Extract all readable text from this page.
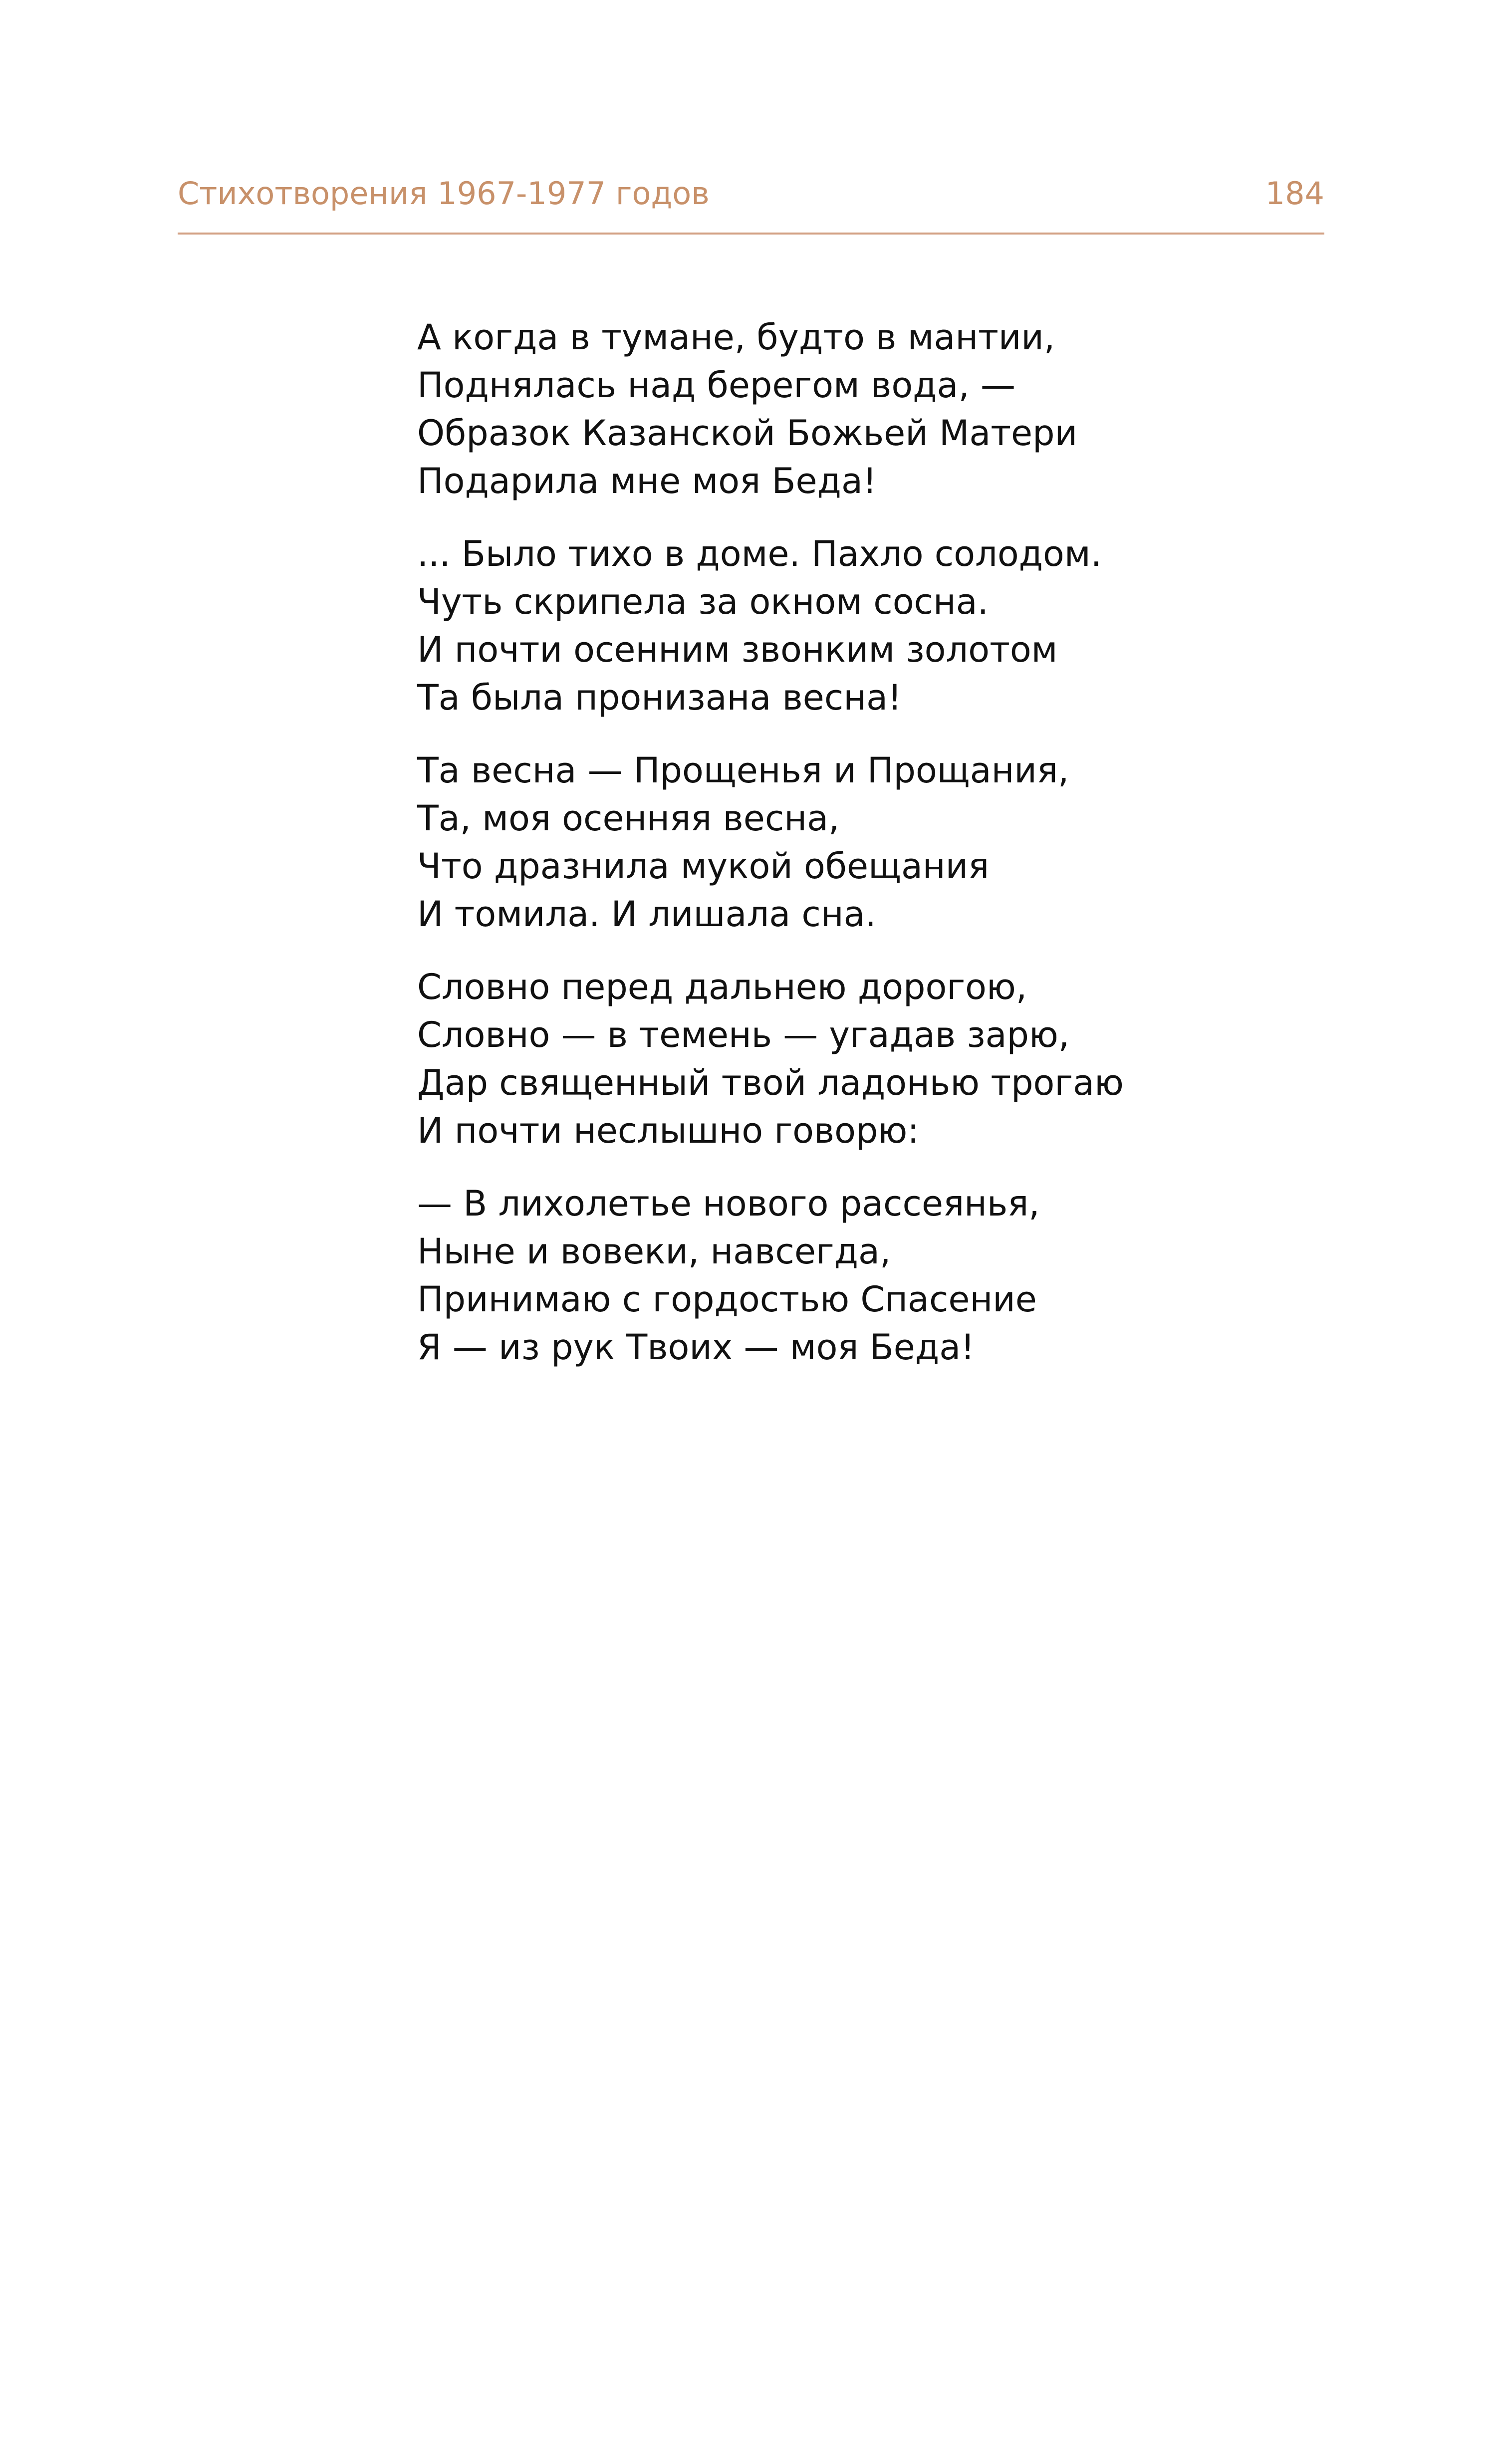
Стихотворения 1967-1977 годов	184
А когда в тумане, будто в мантии,
Поднялась над берегом вода, —
Образок Казанской Божьей Матери
Подарила мне моя Беда!
... Было тихо в доме. Пахло солодом.
Чуть скрипела за окном сосна.
И почти осенним звонким золотом
Та была пронизана весна!
Та весна — Прощенья и Прощания,
Та, моя осенняя весна,
Что дразнила мукой обещания
И томила. И лишала сна.
Словно перед дальнею дорогою,
Словно — в темень — угадав зарю,
Дар священный твой ладонью трогаю
И почти неслышно говорю:
— В лихолетье нового рассеянья,
Ныне и вовеки, навсегда,
Принимаю с гордостью Спасение
Я — из рук Твоих — моя Беда!
